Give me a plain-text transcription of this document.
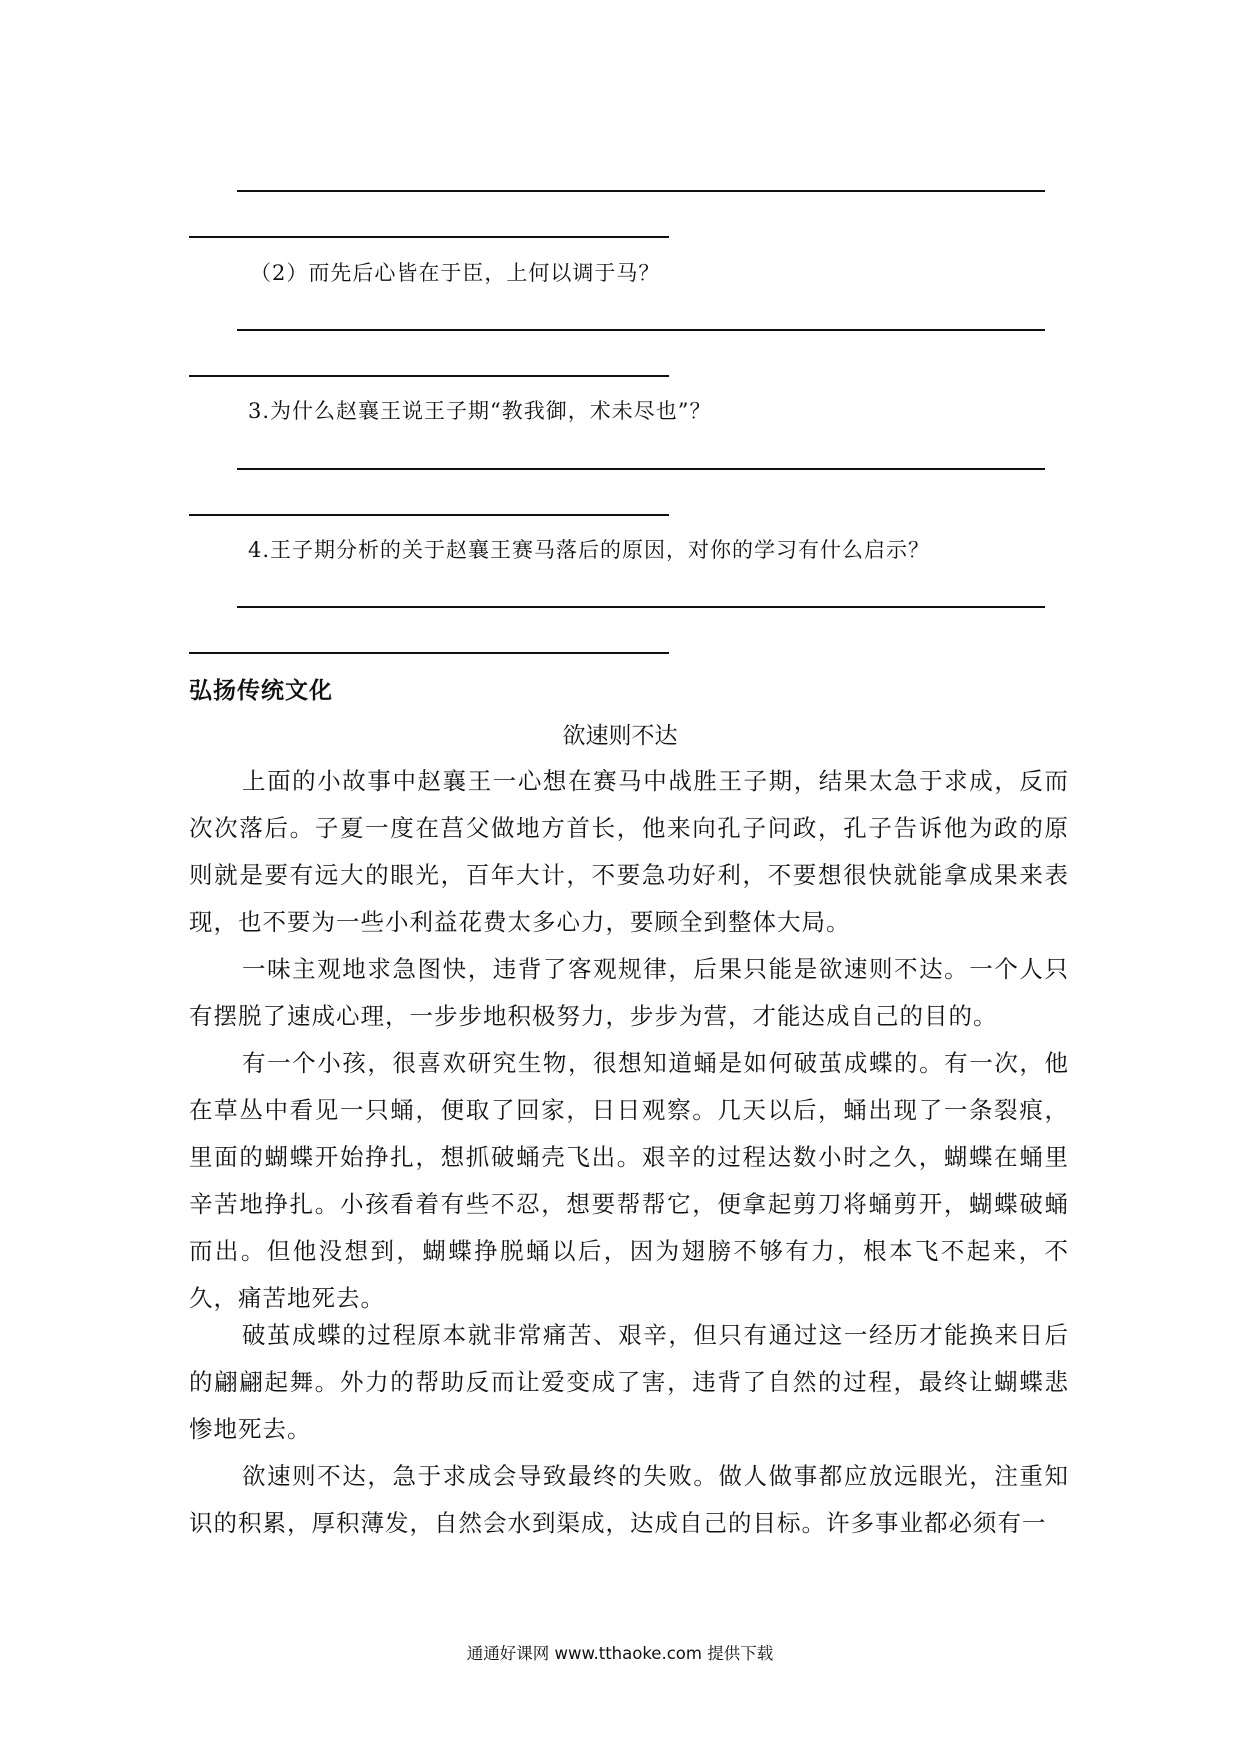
（2）而先后心皆在于臣，上何以调于马？
3.为什么赵襄王说王子期“教我御，术未尽也”？
4.王子期分析的关于赵襄王赛马落后的原因，对你的学习有什么启示？
弘扬传统文化
欲速则不达

上面的小故事中赵襄王一心想在赛马中战胜王子期，结果太急于求成，反而次次落后。子夏一度在莒父做地方首长，他来向孔子问政，孔子告诉他为政的原则就是要有远大的眼光，百年大计，不要急功好利，不要想很快就能拿成果来表现，也不要为一些小利益花费太多心力，要顾全到整体大局。

一味主观地求急图快，违背了客观规律，后果只能是欲速则不达。一个人只有摆脱了速成心理，一步步地积极努力，步步为营，才能达成自己的目的。

有一个小孩，很喜欢研究生物，很想知道蛹是如何破茧成蝶的。有一次，他在草丛中看见一只蛹，便取了回家，日日观察。几天以后，蛹出现了一条裂痕，里面的蝴蝶开始挣扎，想抓破蛹壳飞出。艰辛的过程达数小时之久，蝴蝶在蛹里辛苦地挣扎。小孩看着有些不忍，想要帮帮它，便拿起剪刀将蛹剪开，蝴蝶破蛹而出。但他没想到，蝴蝶挣脱蛹以后，因为翅膀不够有力，根本飞不起来，不久，痛苦地死去。

破茧成蝶的过程原本就非常痛苦、艰辛，但只有通过这一经历才能换来日后的翩翩起舞。外力的帮助反而让爱变成了害，违背了自然的过程，最终让蝴蝶悲惨地死去。

欲速则不达，急于求成会导致最终的失败。做人做事都应放远眼光，注重知识的积累，厚积薄发，自然会水到渠成，达成自己的目标。许多事业都必须有一

通通好课网 www.tthaoke.com 提供下载
